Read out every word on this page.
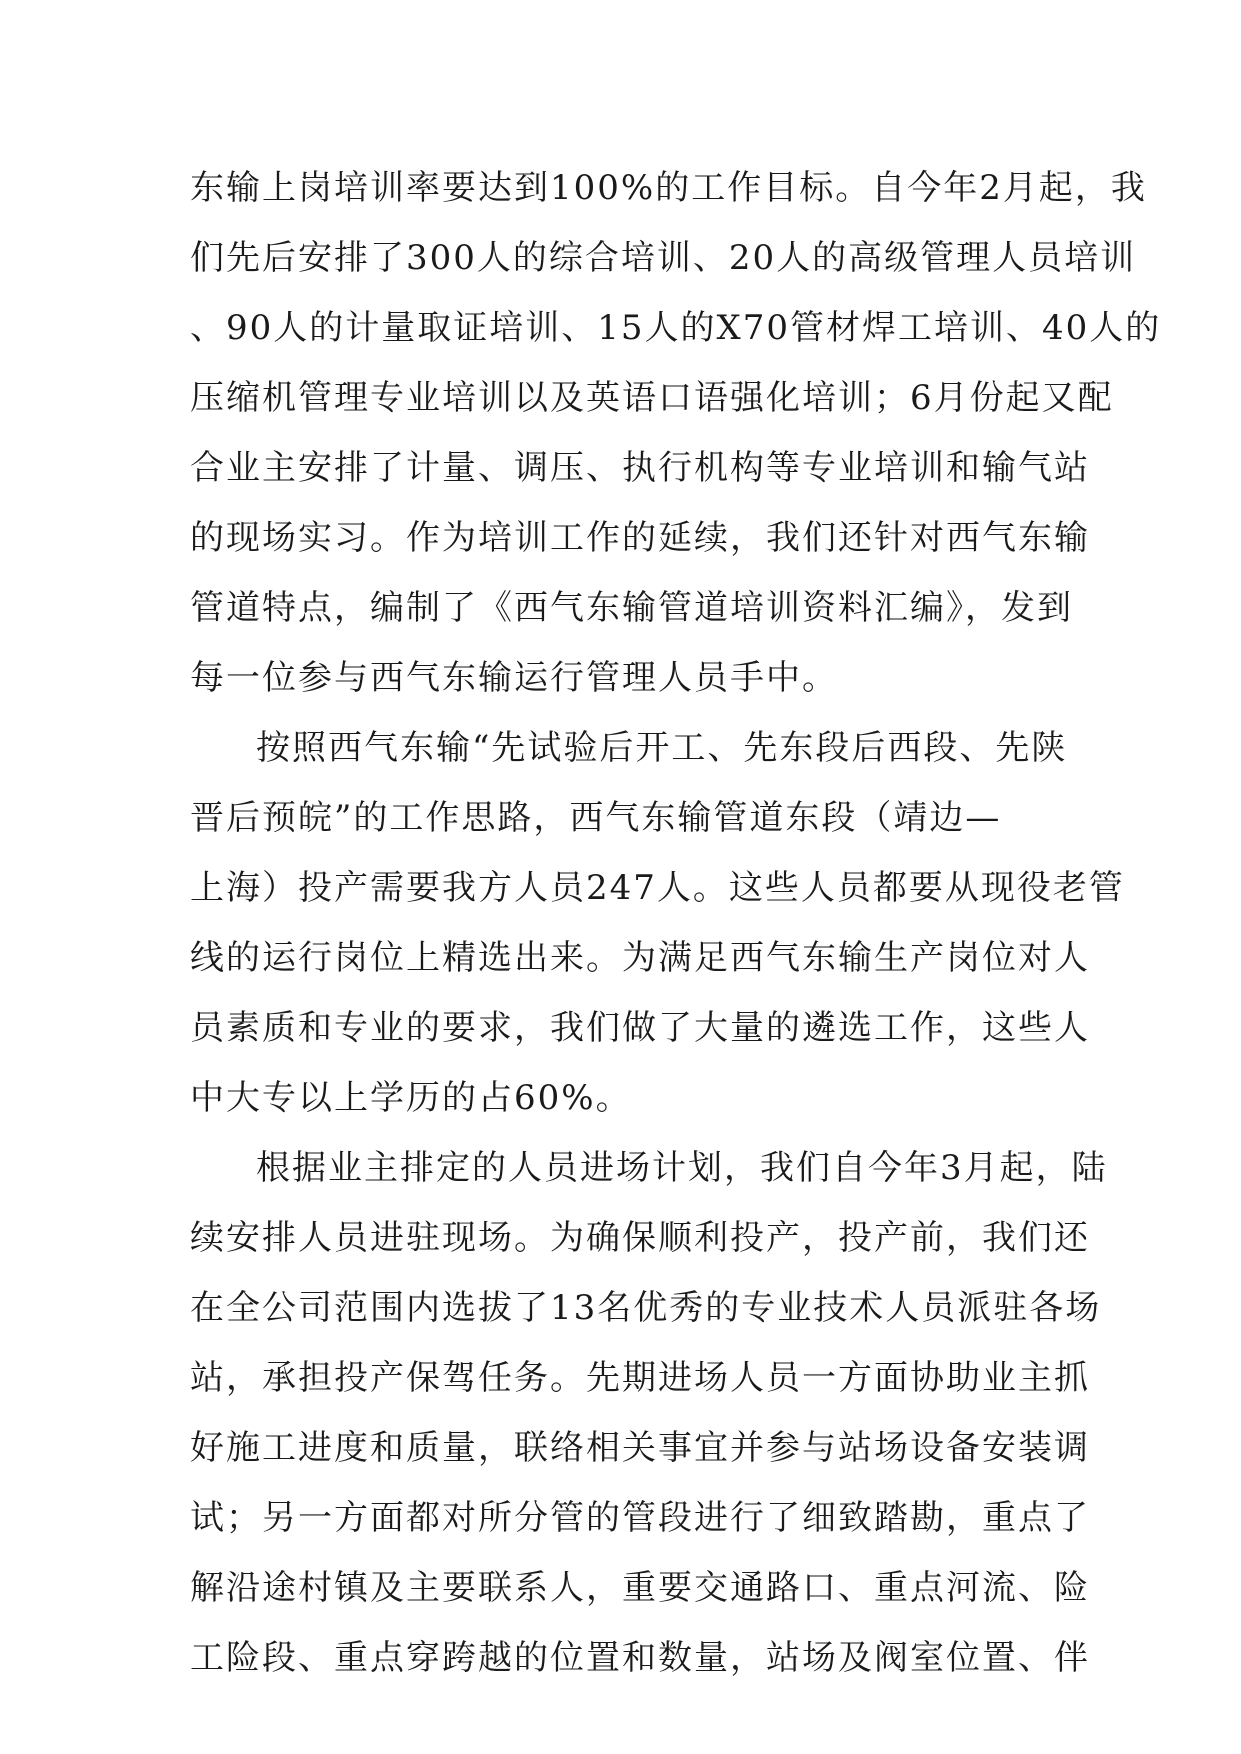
东输上岗培训率要达到100%的工作目标。自今年2月起，我
们先后安排了300人的综合培训、20人的高级管理人员培训
、90人的计量取证培训、15人的X70管材焊工培训、40人的
压缩机管理专业培训以及英语口语强化培训；6月份起又配
合业主安排了计量、调压、执行机构等专业培训和输气站
的现场实习。作为培训工作的延续，我们还针对西气东输
管道特点，编制了《西气东输管道培训资料汇编》，发到
每一位参与西气东输运行管理人员手中。
按照西气东输“先试验后开工、先东段后西段、先陕
晋后预皖”的工作思路，西气东输管道东段（靖边—
上海）投产需要我方人员247人。这些人员都要从现役老管
线的运行岗位上精选出来。为满足西气东输生产岗位对人
员素质和专业的要求，我们做了大量的遴选工作，这些人
中大专以上学历的占60%。
根据业主排定的人员进场计划，我们自今年3月起，陆
续安排人员进驻现场。为确保顺利投产，投产前，我们还
在全公司范围内选拔了13名优秀的专业技术人员派驻各场
站，承担投产保驾任务。先期进场人员一方面协助业主抓
好施工进度和质量，联络相关事宜并参与站场设备安装调
试；另一方面都对所分管的管段进行了细致踏勘，重点了
解沿途村镇及主要联系人，重要交通路口、重点河流、险
工险段、重点穿跨越的位置和数量，站场及阀室位置、伴
